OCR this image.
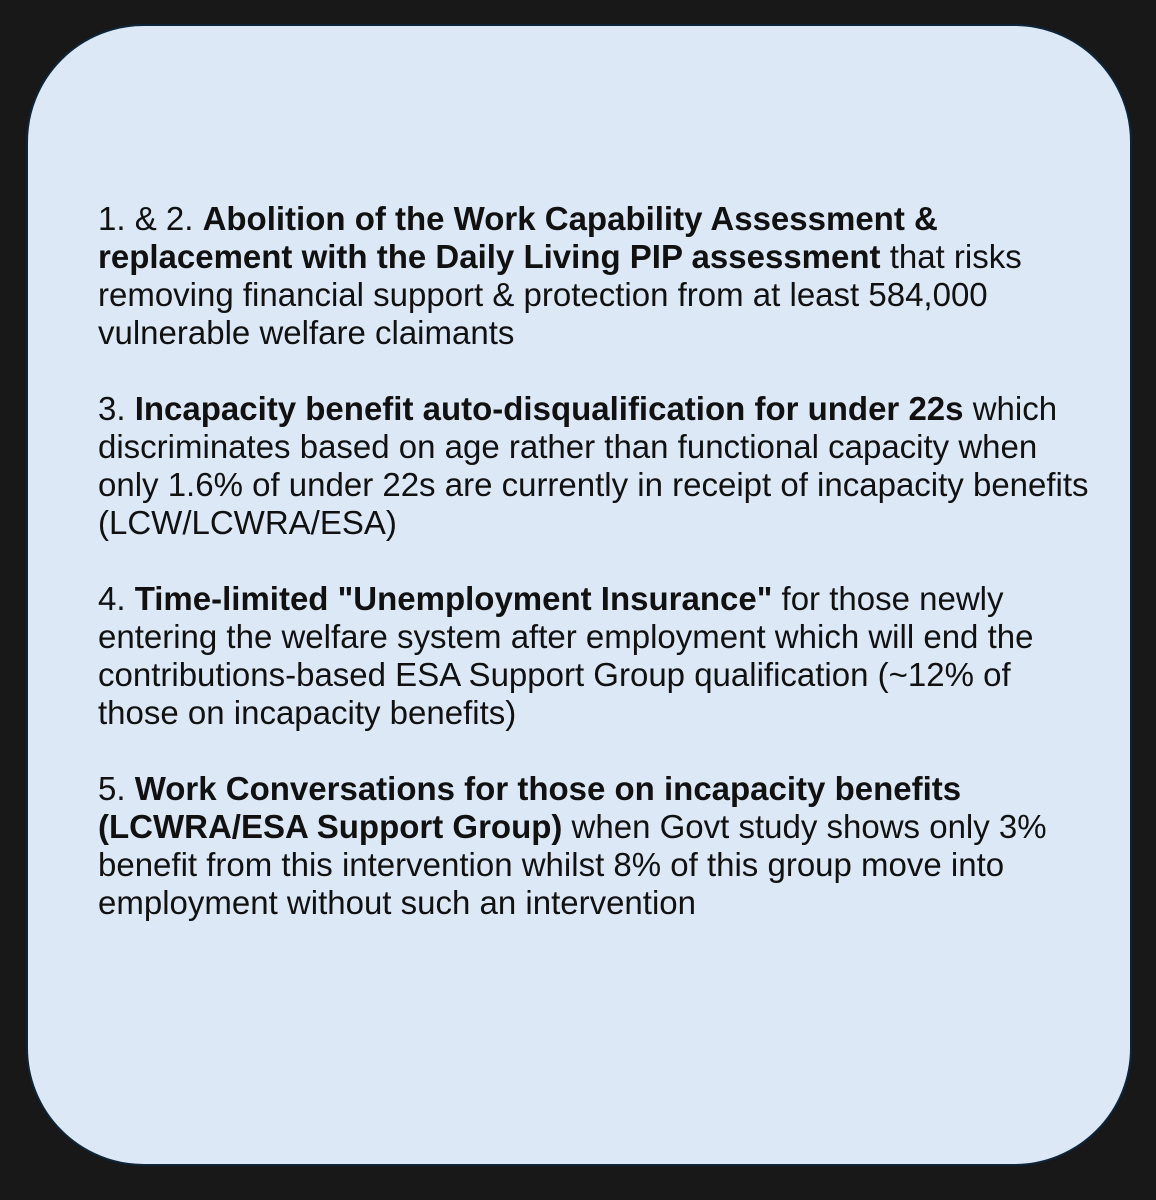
1. & 2. Abolition of the Work Capability Assessment & replacement with the Daily Living PIP assessment that risks removing financial support & protection from at least 584,000 vulnerable welfare claimants

3. Incapacity benefit auto-disqualification for under 22s which discriminates based on age rather than functional capacity when only 1.6% of under 22s are currently in receipt of incapacity benefits (LCW/LCWRA/ESA)

4. Time-limited "Unemployment Insurance" for those newly entering the welfare system after employment which will end the contributions-based ESA Support Group qualification (~12% of those on incapacity benefits)

5. Work Conversations for those on incapacity benefits (LCWRA/ESA Support Group) when Govt study shows only 3% benefit from this intervention whilst 8% of this group move into employment without such an intervention
